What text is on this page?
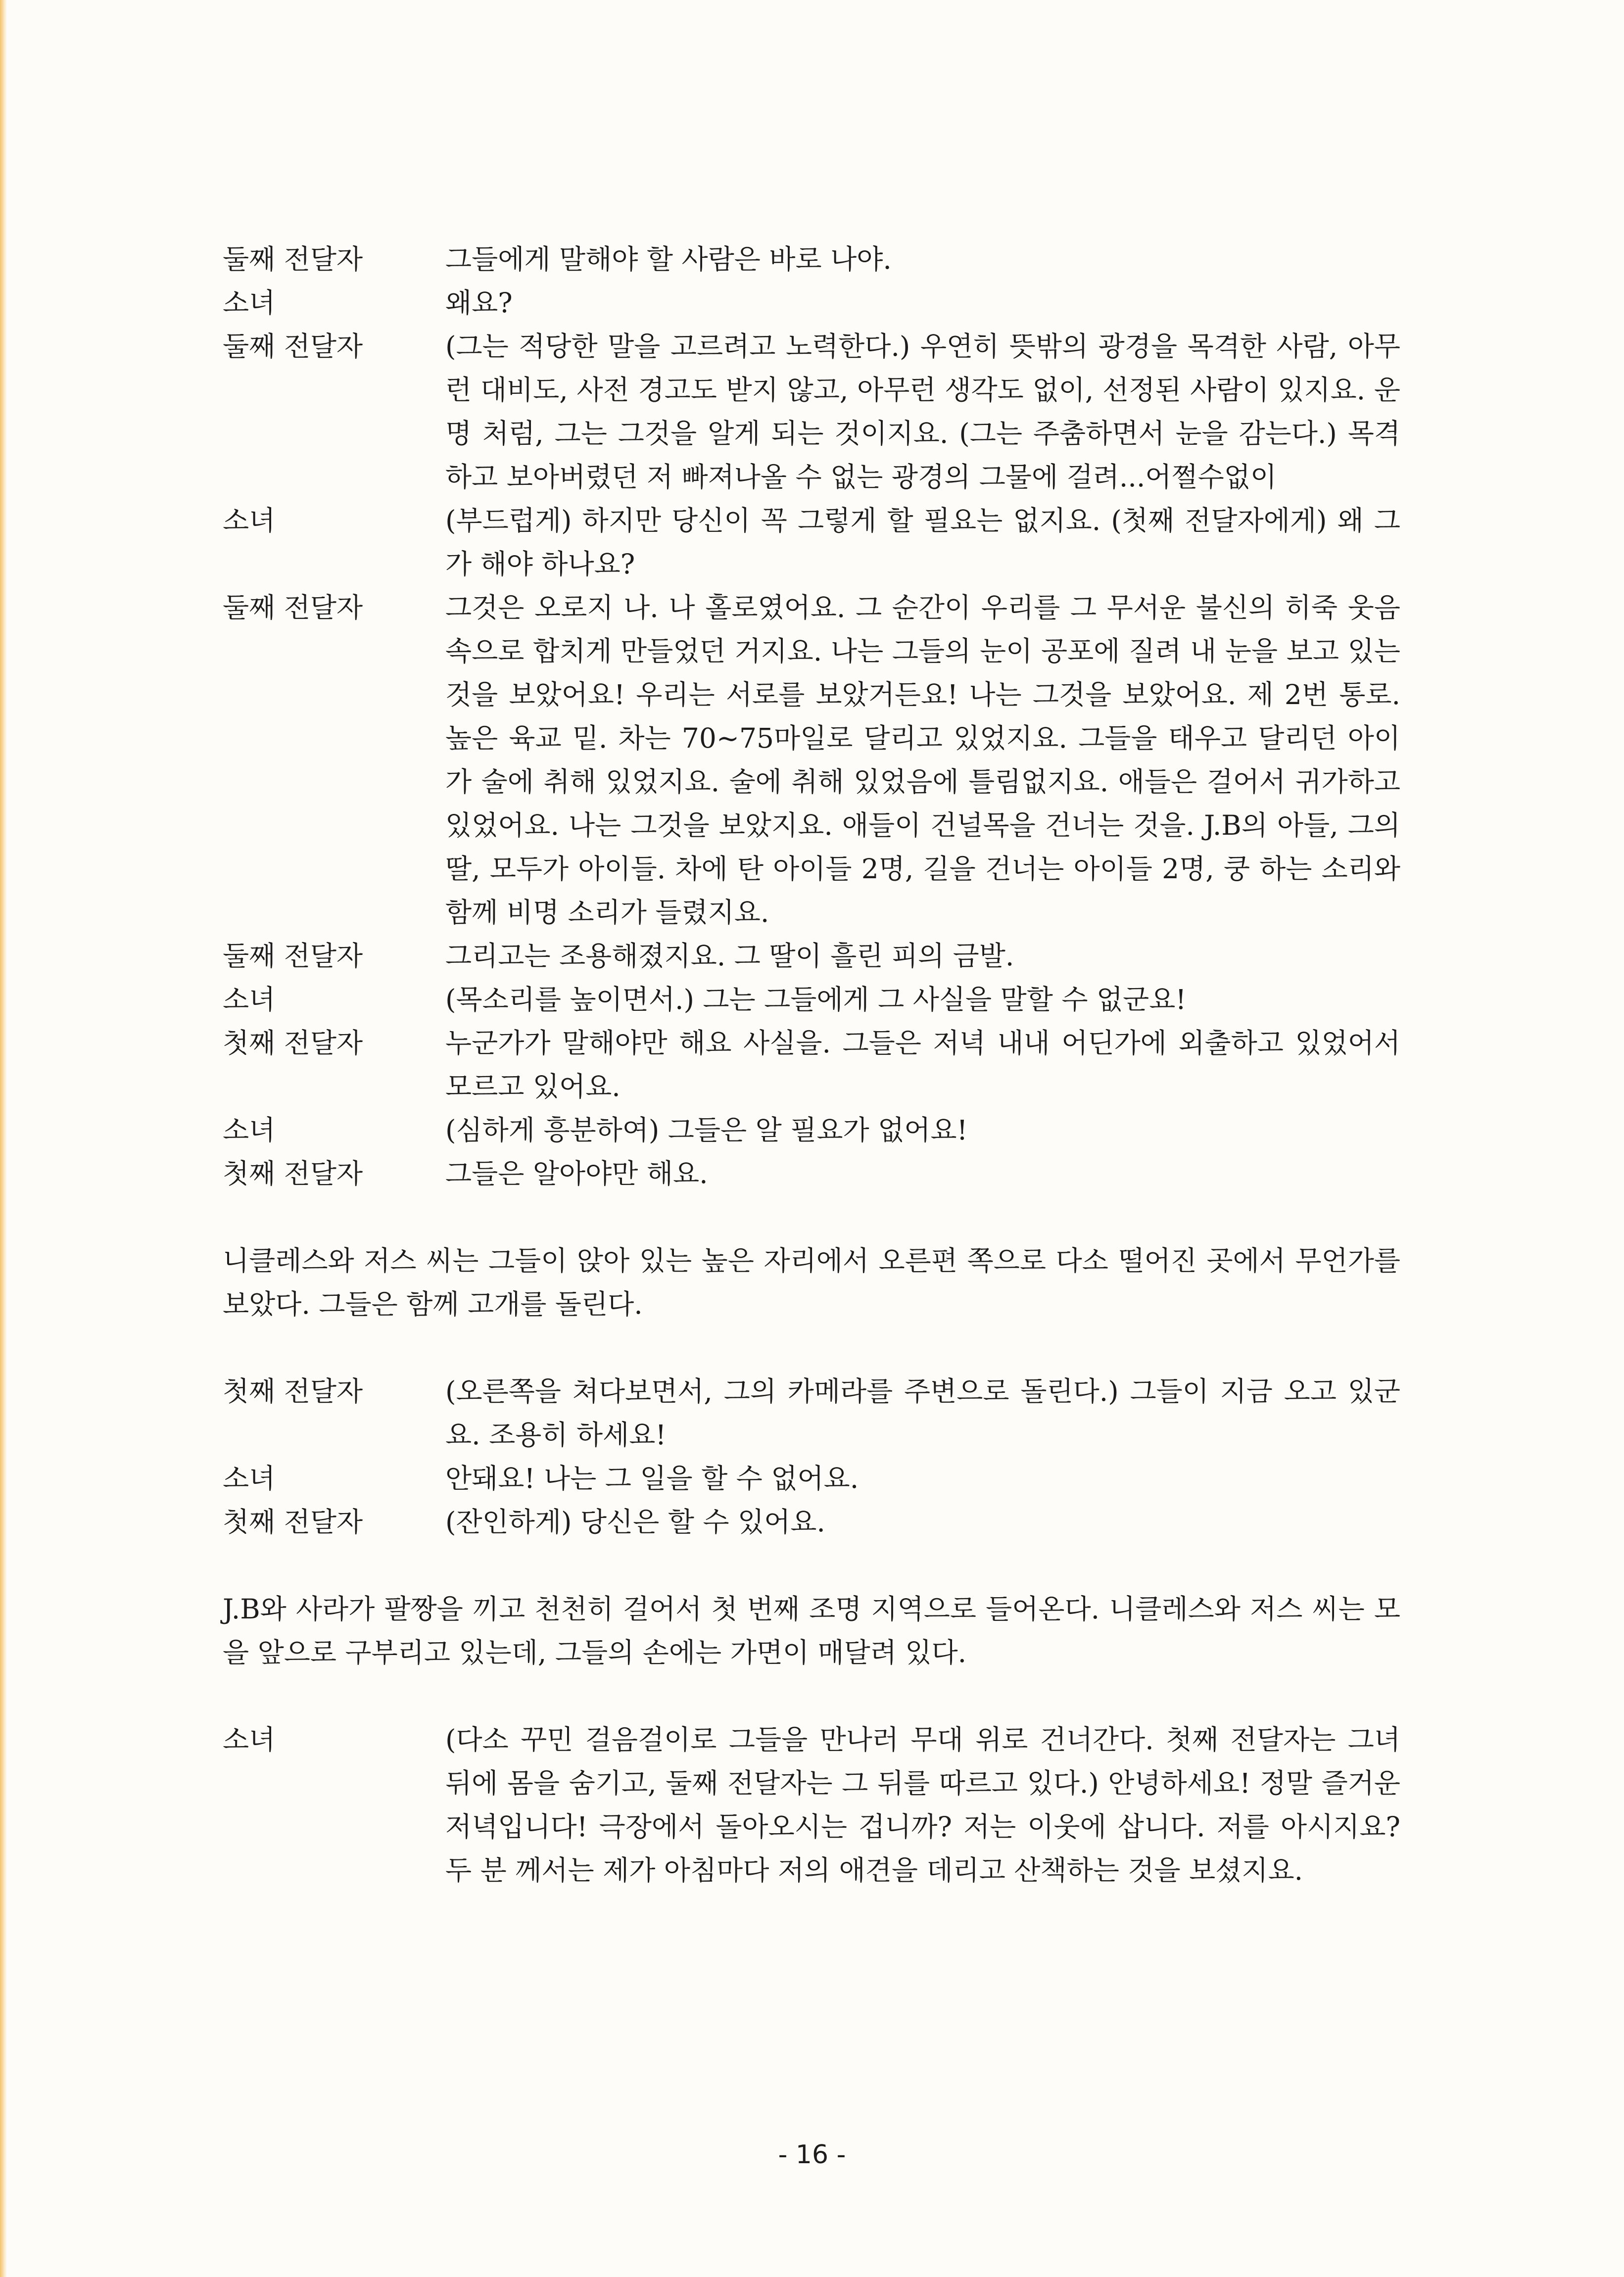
둘째 전달자	그들에게 말해야 할 사람은 바로 나야.
소녀	왜요?
둘째 전달자	(그는 적당한 말을 고르려고 노력한다.) 우연히 뜻밖의 광경을 목격한 사람, 아무런 대비도, 사전 경고도 받지 않고, 아무런 생각도 없이, 선정된 사람이 있지요. 운명 처럼, 그는 그것을 알게 되는 것이지요. (그는 주춤하면서 눈을 감는다.) 목격하고 보아버렸던 저 빠져나올 수 없는 광경의 그물에 걸려...어쩔수없이
소녀	(부드럽게) 하지만 당신이 꼭 그렇게 할 필요는 없지요. (첫째 전달자에게) 왜 그가 해야 하나요?
둘째 전달자	그것은 오로지 나. 나 홀로였어요. 그 순간이 우리를 그 무서운 불신의 히죽 웃음 속으로 합치게 만들었던 거지요. 나는 그들의 눈이 공포에 질려 내 눈을 보고 있는 것을 보았어요! 우리는 서로를 보았거든요! 나는 그것을 보았어요. 제 2번 통로. 높은 육교 밑. 차는 70~75마일로 달리고 있었지요. 그들을 태우고 달리던 아이가 술에 취해 있었지요. 술에 취해 있었음에 틀림없지요. 애들은 걸어서 귀가하고 있었어요. 나는 그것을 보았지요. 애들이 건널목을 건너는 것을. J.B의 아들, 그의 딸, 모두가 아이들. 차에 탄 아이들 2명, 길을 건너는 아이들 2명, 쿵 하는 소리와 함께 비명 소리가 들렸지요.
둘째 전달자	그리고는 조용해졌지요. 그 딸이 흘린 피의 금발.
소녀	(목소리를 높이면서.) 그는 그들에게 그 사실을 말할 수 없군요!
첫째 전달자	누군가가 말해야만 해요 사실을. 그들은 저녁 내내 어딘가에 외출하고 있었어서 모르고 있어요.
소녀	(심하게 흥분하여) 그들은 알 필요가 없어요!
첫째 전달자	그들은 알아야만 해요.

니클레스와 저스 씨는 그들이 앉아 있는 높은 자리에서 오른편 쪽으로 다소 떨어진 곳에서 무언가를 보았다. 그들은 함께 고개를 돌린다.

첫째 전달자	(오른쪽을 쳐다보면서, 그의 카메라를 주변으로 돌린다.) 그들이 지금 오고 있군요. 조용히 하세요!
소녀	안돼요! 나는 그 일을 할 수 없어요.
첫째 전달자	(잔인하게) 당신은 할 수 있어요.

J.B와 사라가 팔짱을 끼고 천천히 걸어서 첫 번째 조명 지역으로 들어온다. 니클레스와 저스 씨는 모을 앞으로 구부리고 있는데, 그들의 손에는 가면이 매달려 있다.

소녀	(다소 꾸민 걸음걸이로 그들을 만나러 무대 위로 건너간다. 첫째 전달자는 그녀 뒤에 몸을 숨기고, 둘째 전달자는 그 뒤를 따르고 있다.) 안녕하세요! 정말 즐거운 저녁입니다! 극장에서 돌아오시는 겁니까? 저는 이웃에 삽니다. 저를 아시지요? 두 분 께서는 제가 아침마다 저의 애견을 데리고 산책하는 것을 보셨지요.
- 16 -
